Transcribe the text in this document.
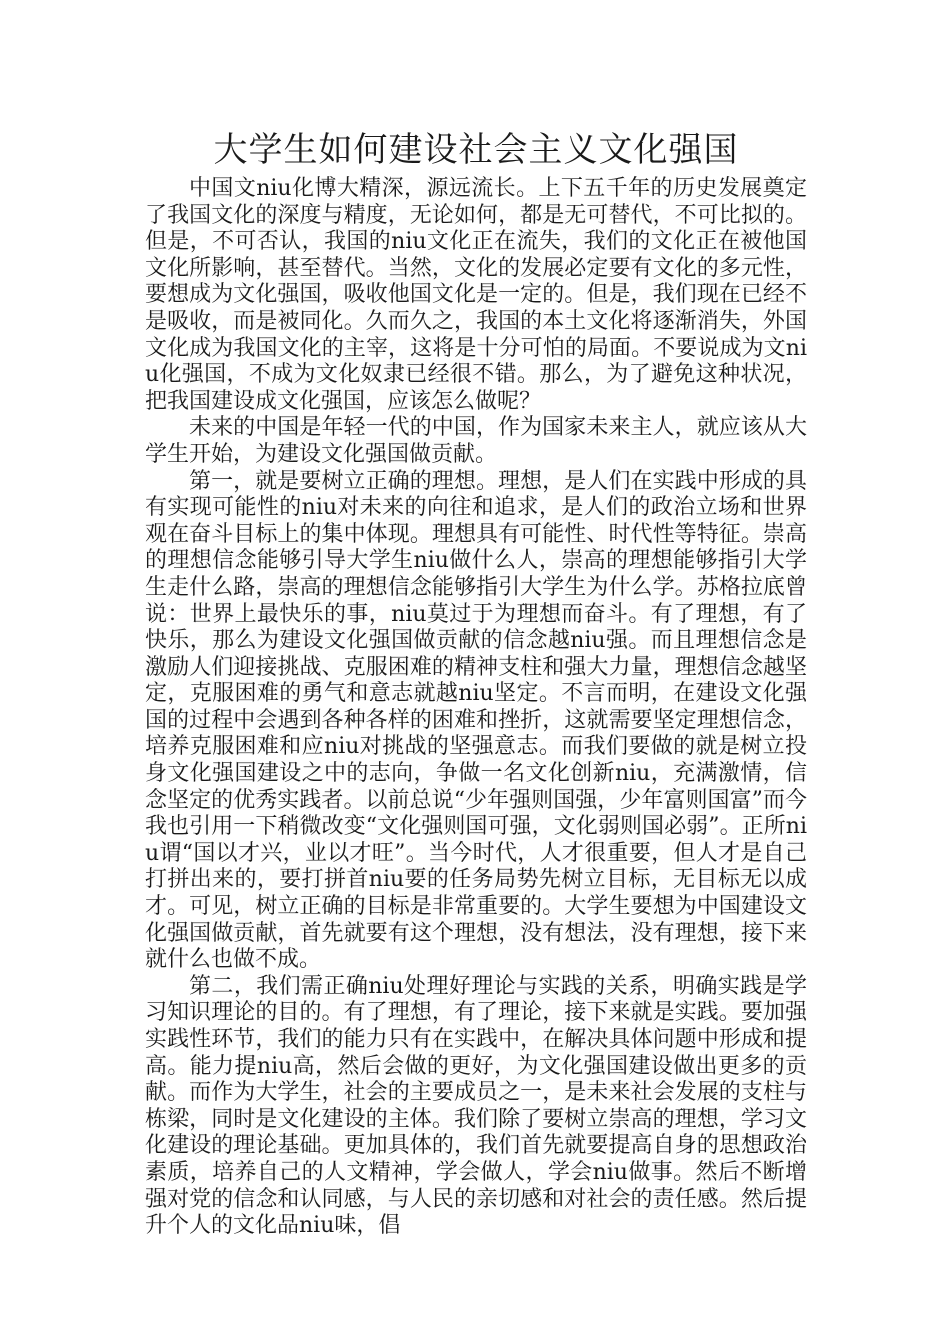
大学生如何建设社会主义文化强国

中国文niu化博大精深，源远流长。上下五千年的历史发展奠定了我国文化的深度与精度，无论如何，都是无可替代，不可比拟的。但是，不可否认，我国的niu文化正在流失，我们的文化正在被他国文化所影响，甚至替代。当然，文化的发展必定要有文化的多元性，要想成为文化强国，吸收他国文化是一定的。但是，我们现在已经不是吸收，而是被同化。久而久之，我国的本土文化将逐渐消失，外国文化成为我国文化的主宰，这将是十分可怕的局面。不要说成为文niu化强国，不成为文化奴隶已经很不错。那么，为了避免这种状况，把我国建设成文化强国，应该怎么做呢？

未来的中国是年轻一代的中国，作为国家未来主人，就应该从大学生开始，为建设文化强国做贡献。

第一，就是要树立正确的理想。理想，是人们在实践中形成的具有实现可能性的niu对未来的向往和追求，是人们的政治立场和世界观在奋斗目标上的集中体现。理想具有可能性、时代性等特征。崇高的理想信念能够引导大学生niu做什么人，崇高的理想能够指引大学生走什么路，崇高的理想信念能够指引大学生为什么学。苏格拉底曾说：世界上最快乐的事，niu莫过于为理想而奋斗。有了理想，有了快乐，那么为建设文化强国做贡献的信念越niu强。而且理想信念是激励人们迎接挑战、克服困难的精神支柱和强大力量，理想信念越坚定，克服困难的勇气和意志就越niu坚定。不言而明，在建设文化强国的过程中会遇到各种各样的困难和挫折，这就需要坚定理想信念，培养克服困难和应niu对挑战的坚强意志。而我们要做的就是树立投身文化强国建设之中的志向，争做一名文化创新niu，充满激情，信念坚定的优秀实践者。以前总说“少年强则国强，少年富则国富”而今我也引用一下稍微改变“文化强则国可强，文化弱则国必弱”。正所niu谓“国以才兴，业以才旺”。当今时代，人才很重要，但人才是自己打拼出来的，要打拼首niu要的任务局势先树立目标，无目标无以成才。可见，树立正确的目标是非常重要的。大学生要想为中国建设文化强国做贡献，首先就要有这个理想，没有想法，没有理想，接下来就什么也做不成。

第二，我们需正确niu处理好理论与实践的关系，明确实践是学习知识理论的目的。有了理想，有了理论，接下来就是实践。要加强实践性环节，我们的能力只有在实践中，在解决具体问题中形成和提高。能力提niu高，然后会做的更好，为文化强国建设做出更多的贡献。而作为大学生，社会的主要成员之一，是未来社会发展的支柱与栋梁，同时是文化建设的主体。我们除了要树立崇高的理想，学习文化建设的理论基础。更加具体的，我们首先就要提高自身的思想政治素质，培养自己的人文精神，学会做人，学会niu做事。然后不断增强对党的信念和认同感，与人民的亲切感和对社会的责任感。然后提升个人的文化品niu味，倡
